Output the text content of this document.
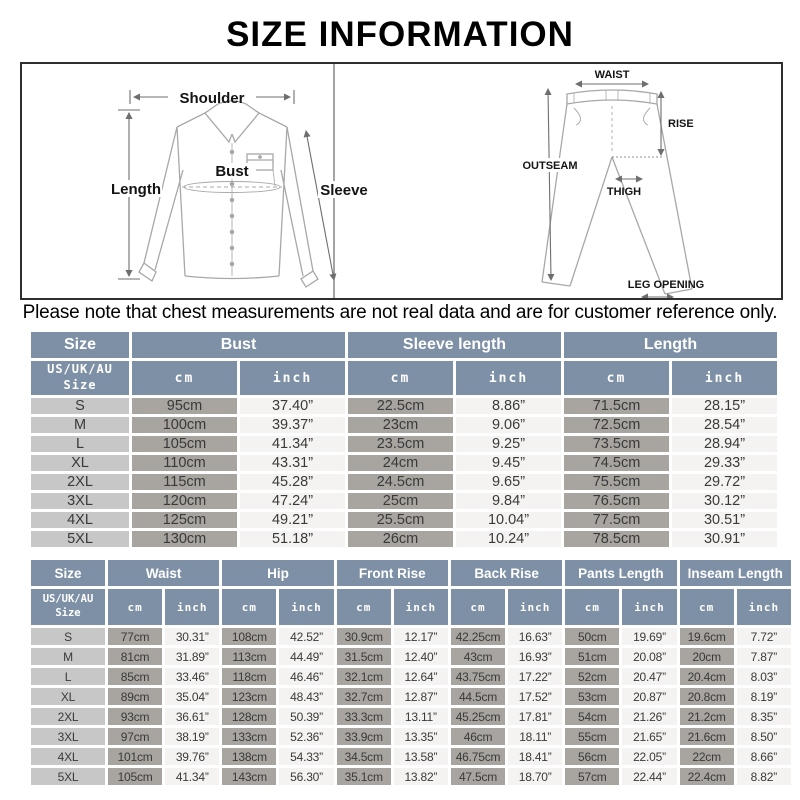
SIZE INFORMATION
Shoulder
Length
Bust
Sleeve
WAIST
RISE
OUTSEAM
THIGH
LEG OPENING
Please note that chest measurements are not real data and are for customer reference only.
Size	Bust		Sleeve length		Length	
US/UK/AU
Size	cm	inch	cm	inch	cm	inch
S	95cm	37.40”	22.5cm	8.86”	71.5cm	28.15”
M	100cm	39.37”	23cm	9.06”	72.5cm	28.54”
L	105cm	41.34”	23.5cm	9.25”	73.5cm	28.94”
XL	110cm	43.31”	24cm	9.45”	74.5cm	29.33”
2XL	115cm	45.28”	24.5cm	9.65”	75.5cm	29.72”
3XL	120cm	47.24”	25cm	9.84”	76.5cm	30.12”
4XL	125cm	49.21”	25.5cm	10.04”	77.5cm	30.51”
5XL	130cm	51.18”	26cm	10.24”	78.5cm	30.91”
Size	Waist		Hip		Front Rise		Back Rise		Pants Length		Inseam Length	
US/UK/AU
Size	cm	inch	cm	inch	cm	inch	cm	inch	cm	inch	cm	inch
S	77cm	30.31”	108cm	42.52”	30.9cm	12.17”	42.25cm	16.63”	50cm	19.69”	19.6cm	7.72”
M	81cm	31.89”	113cm	44.49”	31.5cm	12.40”	43cm	16.93”	51cm	20.08”	20cm	7.87”
L	85cm	33.46”	118cm	46.46”	32.1cm	12.64”	43.75cm	17.22”	52cm	20.47”	20.4cm	8.03”
XL	89cm	35.04”	123cm	48.43”	32.7cm	12.87”	44.5cm	17.52”	53cm	20.87”	20.8cm	8.19”
2XL	93cm	36.61”	128cm	50.39”	33.3cm	13.11”	45.25cm	17.81”	54cm	21.26”	21.2cm	8.35”
3XL	97cm	38.19”	133cm	52.36”	33.9cm	13.35”	46cm	18.11”	55cm	21.65”	21.6cm	8.50”
4XL	101cm	39.76”	138cm	54.33”	34.5cm	13.58”	46.75cm	18.41”	56cm	22.05”	22cm	8.66”
5XL	105cm	41.34”	143cm	56.30”	35.1cm	13.82”	47.5cm	18.70”	57cm	22.44”	22.4cm	8.82”
